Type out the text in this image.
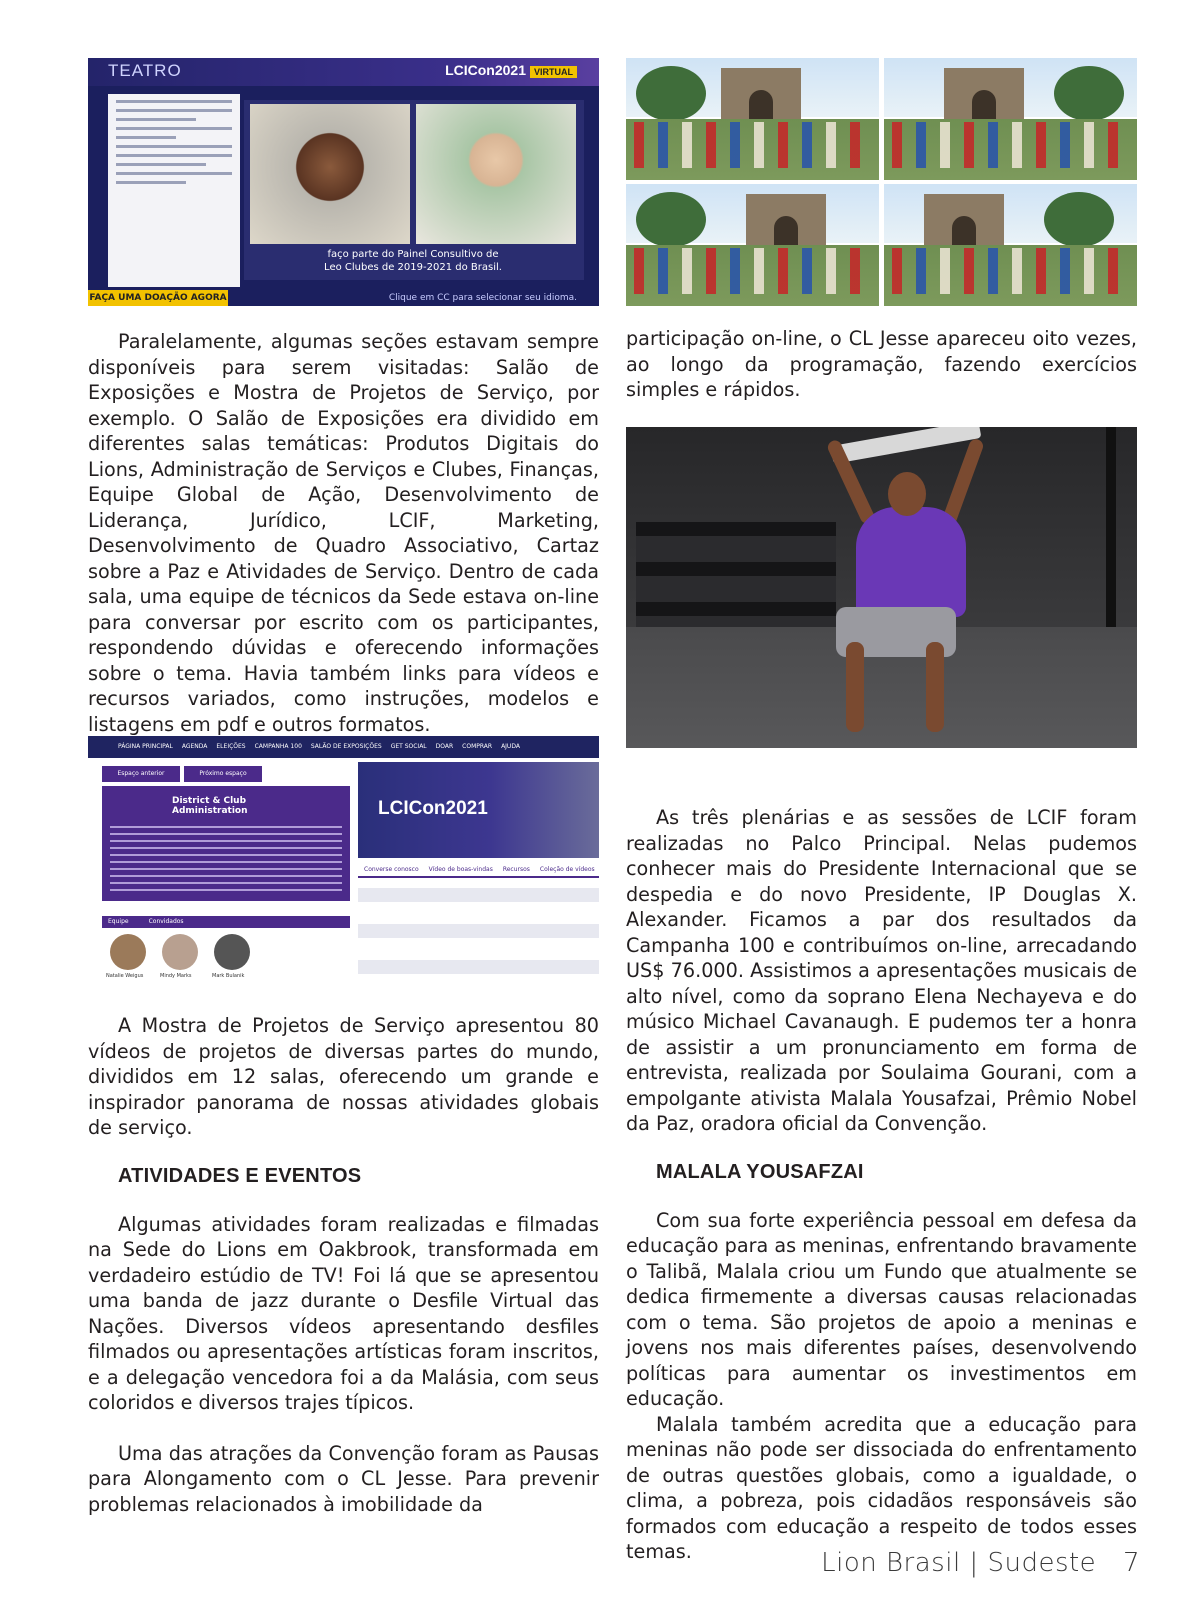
TEATRO	LCICon2021 VIRTUAL
faço parte do Painel Consultivo de
Leo Clubes de 2019-2021 do Brasil.
FAÇA UMA DOAÇÃO AGORA	Clique em CC para selecionar seu idioma.

Paralelamente, algumas seções estavam sempre disponíveis para serem visitadas: Salão de Exposições e Mostra de Projetos de Serviço, por exemplo. O Salão de Exposições era dividido em diferentes salas temáticas: Produtos Digitais do Lions, Administração de Serviços e Clubes, Finanças, Equipe Global de Ação, Desenvolvimento de Liderança, Jurídico, LCIF, Marketing, Desenvolvimento de Quadro Associativo, Cartaz sobre a Paz e Atividades de Serviço. Dentro de cada sala, uma equipe de técnicos da Sede estava on-line para conversar por escrito com os participantes, respondendo dúvidas e oferecendo informações sobre o tema. Havia também links para vídeos e recursos variados, como instruções, modelos e listagens em pdf e outros formatos.

participação on-line, o CL Jesse apareceu oito vezes, ao longo da programação, fazendo exercícios simples e rápidos.

PÁGINA PRINCIPAL AGENDA ELEIÇÕES CAMPANHA 100 SALÃO DE EXPOSIÇÕES GET SOCIAL DOAR COMPRAR AJUDA
Espaço anterior	Próximo espaço
District & Club
Administration
Equipe	Convidados
Natalie Weigus	Mindy Marks	Mark Bulanik
LCICon2021
Converse conosco Vídeo de boas-vindas Recursos Coleção de vídeos

As três plenárias e as sessões de LCIF foram realizadas no Palco Principal. Nelas pudemos conhecer mais do Presidente Internacional que se despedia e do novo Presidente, IP Douglas X. Alexander. Ficamos a par dos resultados da Campanha 100 e contribuímos on-line, arrecadando US$ 76.000. Assistimos a apresentações musicais de alto nível, como da soprano Elena Nechayeva e do músico Michael Cavanaugh. E pudemos ter a honra de assistir a um pronunciamento em forma de entrevista, realizada por Soulaima Gourani, com a empolgante ativista Malala Yousafzai, Prêmio Nobel da Paz, oradora oficial da Convenção.

MALALA YOUSAFZAI

Com sua forte experiência pessoal em defesa da educação para as meninas, enfrentando bravamente o Talibã, Malala criou um Fundo que atualmente se dedica firmemente a diversas causas relacionadas com o tema. São projetos de apoio a meninas e jovens nos mais diferentes países, desenvolvendo políticas para aumentar os investimentos em educação.

Malala também acredita que a educação para meninas não pode ser dissociada do enfrentamento de outras questões globais, como a igualdade, o clima, a pobreza, pois cidadãos responsáveis são formados com educação a respeito de todos esses temas.

A Mostra de Projetos de Serviço apresentou 80 vídeos de projetos de diversas partes do mundo, divididos em 12 salas, oferecendo um grande e inspirador panorama de nossas atividades globais de serviço.

ATIVIDADES E EVENTOS

Algumas atividades foram realizadas e filmadas na Sede do Lions em Oakbrook, transformada em verdadeiro estúdio de TV! Foi lá que se apresentou uma banda de jazz durante o Desfile Virtual das Nações. Diversos vídeos apresentando desfiles filmados ou apresentações artísticas foram inscritos, e a delegação vencedora foi a da Malásia, com seus coloridos e diversos trajes típicos.

Uma das atrações da Convenção foram as Pausas para Alongamento com o CL Jesse. Para prevenir problemas relacionados à imobilidade da

Lion Brasil | Sudeste 7
